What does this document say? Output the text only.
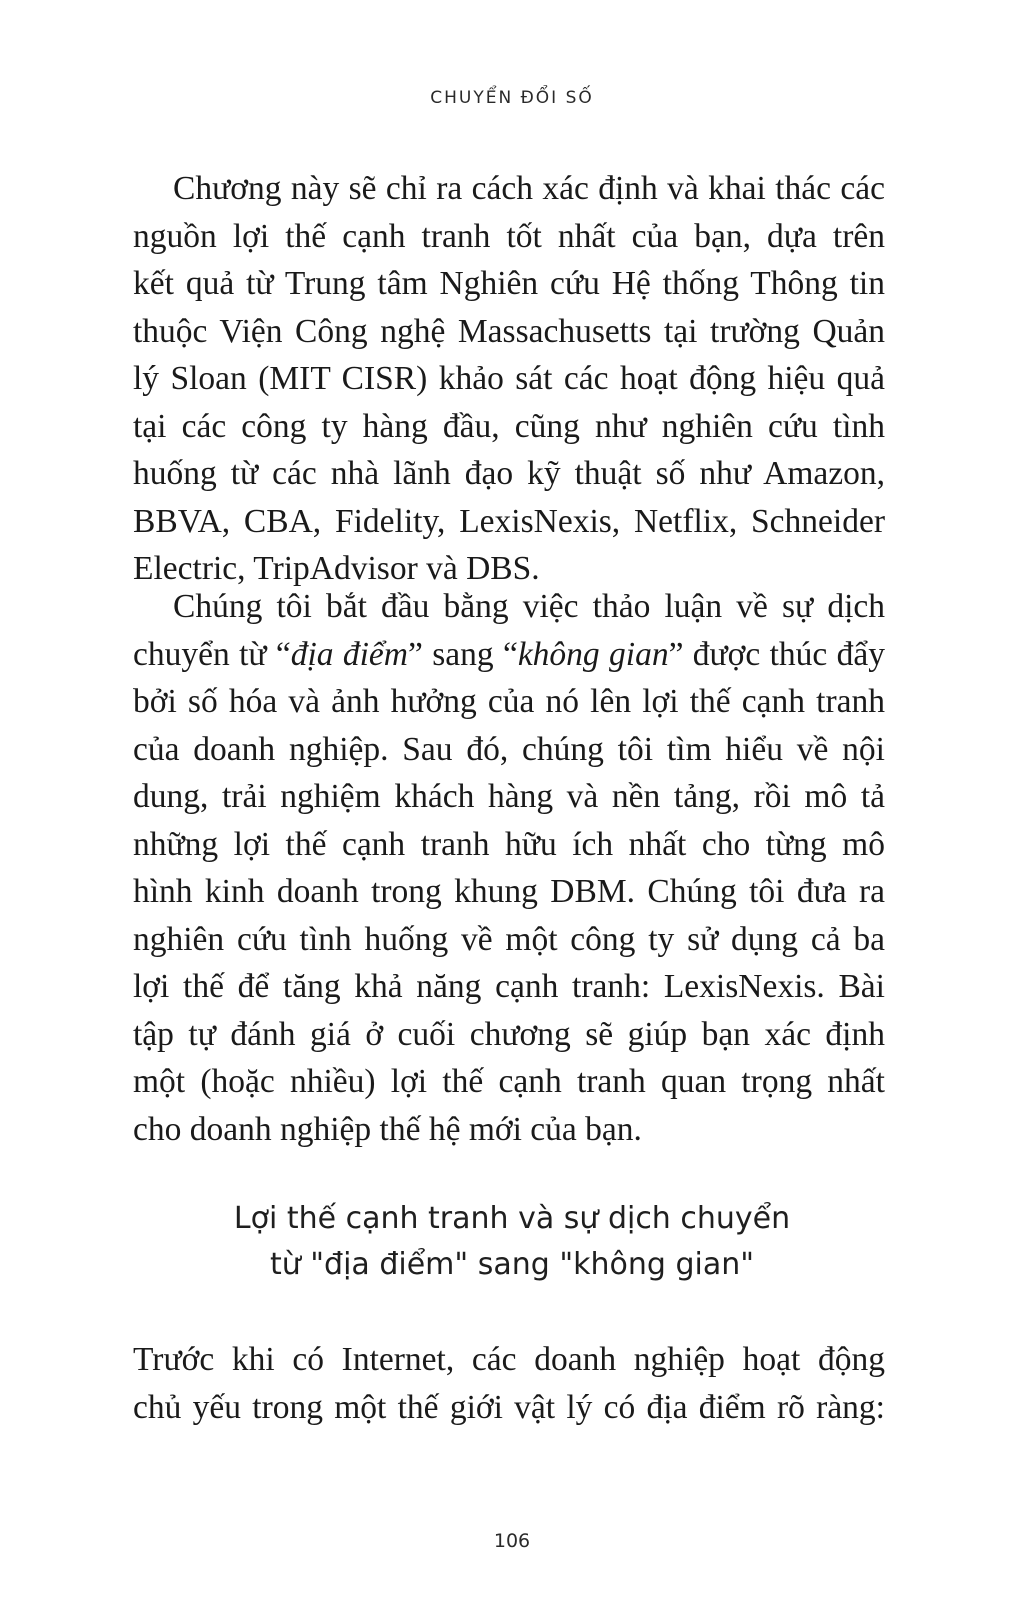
CHUYỂN ĐỔI SỐ
Chương này sẽ chỉ ra cách xác định và khai thác các
nguồn lợi thế cạnh tranh tốt nhất của bạn, dựa trên
kết quả từ Trung tâm Nghiên cứu Hệ thống Thông tin
thuộc Viện Công nghệ Massachusetts tại trường Quản
lý Sloan (MIT CISR) khảo sát các hoạt động hiệu quả
tại các công ty hàng đầu, cũng như nghiên cứu tình
huống từ các nhà lãnh đạo kỹ thuật số như Amazon,
BBVA, CBA, Fidelity, LexisNexis, Netflix, Schneider
Electric, TripAdvisor và DBS.
Chúng tôi bắt đầu bằng việc thảo luận về sự dịch
chuyển từ “địa điểm” sang “không gian” được thúc đẩy
bởi số hóa và ảnh hưởng của nó lên lợi thế cạnh tranh
của doanh nghiệp. Sau đó, chúng tôi tìm hiểu về nội
dung, trải nghiệm khách hàng và nền tảng, rồi mô tả
những lợi thế cạnh tranh hữu ích nhất cho từng mô
hình kinh doanh trong khung DBM. Chúng tôi đưa ra
nghiên cứu tình huống về một công ty sử dụng cả ba
lợi thế để tăng khả năng cạnh tranh: LexisNexis. Bài
tập tự đánh giá ở cuối chương sẽ giúp bạn xác định
một (hoặc nhiều) lợi thế cạnh tranh quan trọng nhất
cho doanh nghiệp thế hệ mới của bạn.
Lợi thế cạnh tranh và sự dịch chuyển
từ "địa điểm" sang "không gian"
Trước khi có Internet, các doanh nghiệp hoạt động
chủ yếu trong một thế giới vật lý có địa điểm rõ ràng:
106
